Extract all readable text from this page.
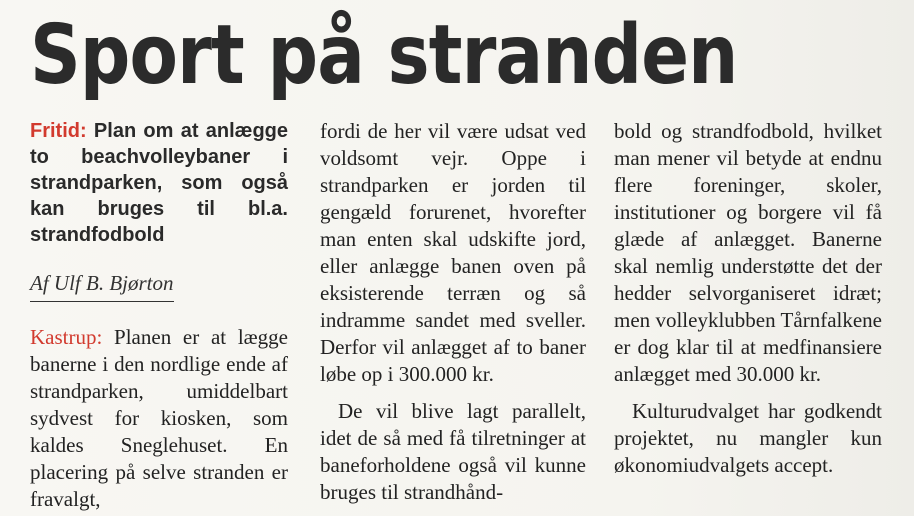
Sport på stranden

Fritid: Plan om at anlægge to beachvolleybaner i strandparken, som også kan bruges til bl.a. strandfodbold

Af Ulf B. Bjørton

Kastrup: Planen er at lægge banerne i den nordlige ende af strandparken, umiddelbart sydvest for kiosken, som kaldes Sneglehuset. En placering på selve stranden er fravalgt,

fordi de her vil være udsat ved voldsomt vejr. Oppe i strandparken er jorden til gengæld forurenet, hvorefter man enten skal udskifte jord, eller anlægge banen oven på eksisterende terræn og så indramme sandet med sveller. Derfor vil anlægget af to baner løbe op i 300.000 kr.

De vil blive lagt parallelt, idet de så med få tilretninger at baneforholdene også vil kunne bruges til strandhånd-

bold og strandfodbold, hvilket man mener vil betyde at endnu flere foreninger, skoler, institutioner og borgere vil få glæde af anlægget. Banerne skal nemlig understøtte det der hedder selvorganiseret idræt; men volleyklubben Tårnfalkene er dog klar til at medfinansiere anlægget med 30.000 kr.

Kulturudvalget har godkendt projektet, nu mangler kun økonomiudvalgets accept.
